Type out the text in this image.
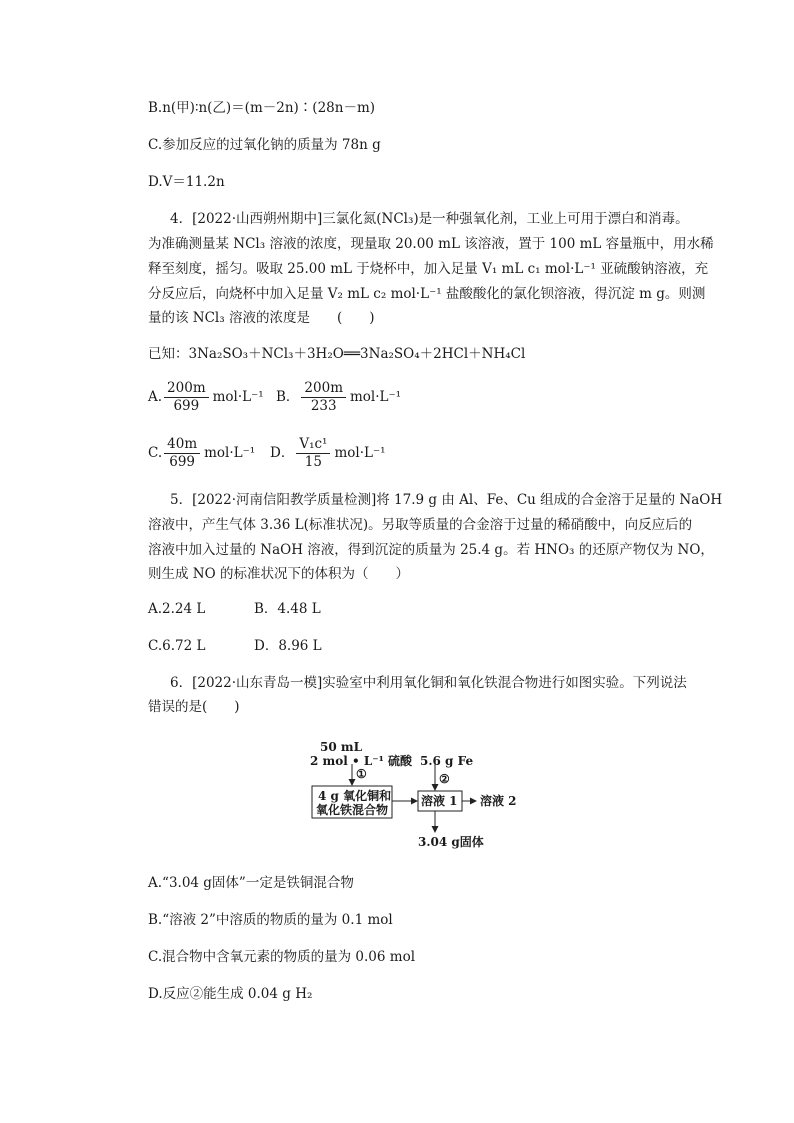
B.n(甲)∶n(乙)＝(m－2n)∶(28n－m)
C.参加反应的过氧化钠的质量为 78n g
D.V＝11.2n
4．[2022·山西朔州期中]三氯化氮(NCl₃)是一种强氧化剂，工业上可用于漂白和消毒。
为准确测量某 NCl₃ 溶液的浓度，现量取 20.00 mL 该溶液，置于 100 mL 容量瓶中，用水稀
释至刻度，摇匀。吸取 25.00 mL 于烧杯中，加入足量 V₁ mL c₁ mol·L⁻¹ 亚硫酸钠溶液，充
分反应后，向烧杯中加入足量 V₂ mL c₂ mol·L⁻¹ 盐酸酸化的氯化钡溶液，得沉淀 m g。则测
量的该 NCl₃ 溶液的浓度是　　(　　)
已知：3Na₂SO₃＋NCl₃＋3H₂O══3Na₂SO₄＋2HCl＋NH₄Cl
A. $\frac{200m}{699} mol\cdot L^{-1}$ B． $\frac{200m}{233} mol\cdot L^{-1}$
C. $\frac{40m}{699} mol\cdot L^{-1}$ D． $\frac{\text{V₁c¹}}{15} mol\cdot L^{-1}$
5．[2022·河南信阳教学质量检测]将 17.9 g 由 Al、Fe、Cu 组成的合金溶于足量的 NaOH
溶液中，产生气体 3.36 L(标准状况)。另取等质量的合金溶于过量的稀硝酸中，向反应后的
溶液中加入过量的 NaOH 溶液，得到沉淀的质量为 25.4 g。若 HNO₃ 的还原产物仅为 NO，
则生成 NO 的标准状况下的体积为（　　）
A.2.24 L	B．4.48 L
C.6.72 L	D．8.96 L
6．[2022·山东青岛一模]实验室中利用氧化铜和氧化铁混合物进行如图实验。下列说法
错误的是(　　)
50 mL
2 mol • L⁻¹ 硫酸
①
5.6 g Fe
②
4 g 氧化铜和
氧化铁混合物
溶液 1 溶液 2
3.04 g固体
A.“3.04 g固体”一定是铁铜混合物
B.“溶液 2”中溶质的物质的量为 0.1 mol
C.混合物中含氧元素的物质的量为 0.06 mol
D.反应②能生成 0.04 g H₂
